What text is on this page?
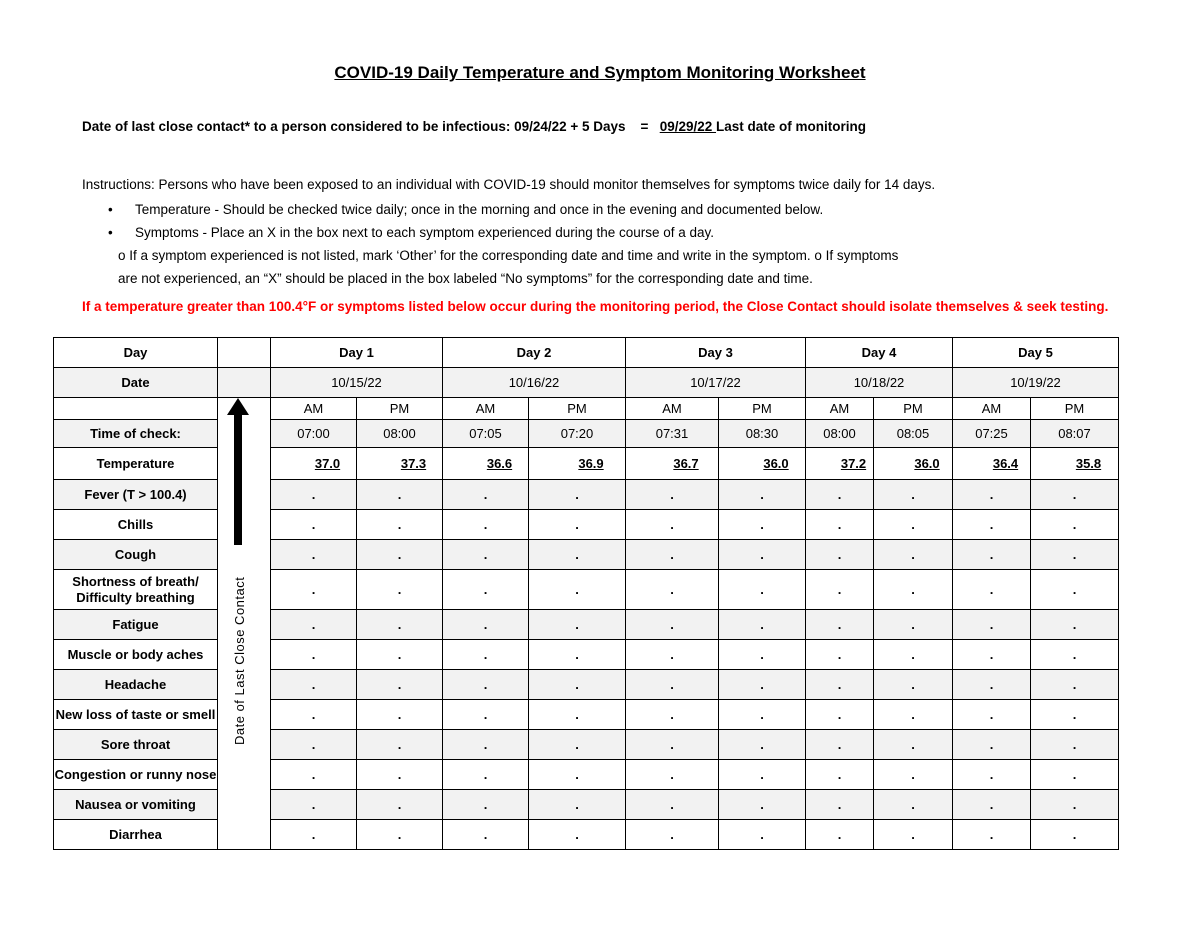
COVID-19 Daily Temperature and Symptom Monitoring Worksheet
Date of last close contact* to a person considered to be infectious: 09/24/22 + 5 Days    =   09/29/22 Last date of monitoring
Instructions: Persons who have been exposed to an individual with COVID-19 should monitor themselves for symptoms twice daily for 14 days.
• Temperature - Should be checked twice daily; once in the morning and once in the evening and documented below.
• Symptoms - Place an X in the box next to each symptom experienced during the course of a day.
o If a symptom experienced is not listed, mark ‘Other’ for the corresponding date and time and write in the symptom. o If symptoms
are not experienced, an “X” should be placed in the box labeled “No symptoms” for the corresponding date and time.
If a temperature greater than 100.4°F or symptoms listed below occur during the monitoring period, the Close Contact should isolate themselves & seek testing.
Day		Day 1		Day 2		Day 3		Day 4		Day 5	
Date		10/15/22		10/16/22		10/17/22		10/18/22		10/19/22	
		AM	PM	AM	PM	AM	PM	AM	PM	AM	PM
Time of check:		07:00	08:00	07:05	07:20	07:31	08:30	08:00	08:05	07:25	08:07
Temperature		37.0	37.3	36.6	36.9	36.7	36.0	37.2	36.0	36.4	35.8

Fever (T > 100.4)		.	.	.	.	.	.	.	.	.	.

Chills		.	.	.	.	.	.	.	.	.	.

Cough		.	.	.	.	.	.	.	.	.	.

Shortness of breath/
Difficulty breathing		.	.	.	.	.	.	.	.	.	.

Fatigue		.	.	.	.	.	.	.	.	.	.

Muscle or body aches		.	.	.	.	.	.	.	.	.	.

Headache		.	.	.	.	.	.	.	.	.	.

New loss of taste or smell		.	.	.	.	.	.	.	.	.	.

Sore throat		.	.	.	.	.	.	.	.	.	.

Congestion or runny nose		.	.	.	.	.	.	.	.	.	.

Nausea or vomiting		.	.	.	.	.	.	.	.	.	.

Diarrhea		.	.	.	.	.	.	.	.	.	.
Date of Last Close Contact
